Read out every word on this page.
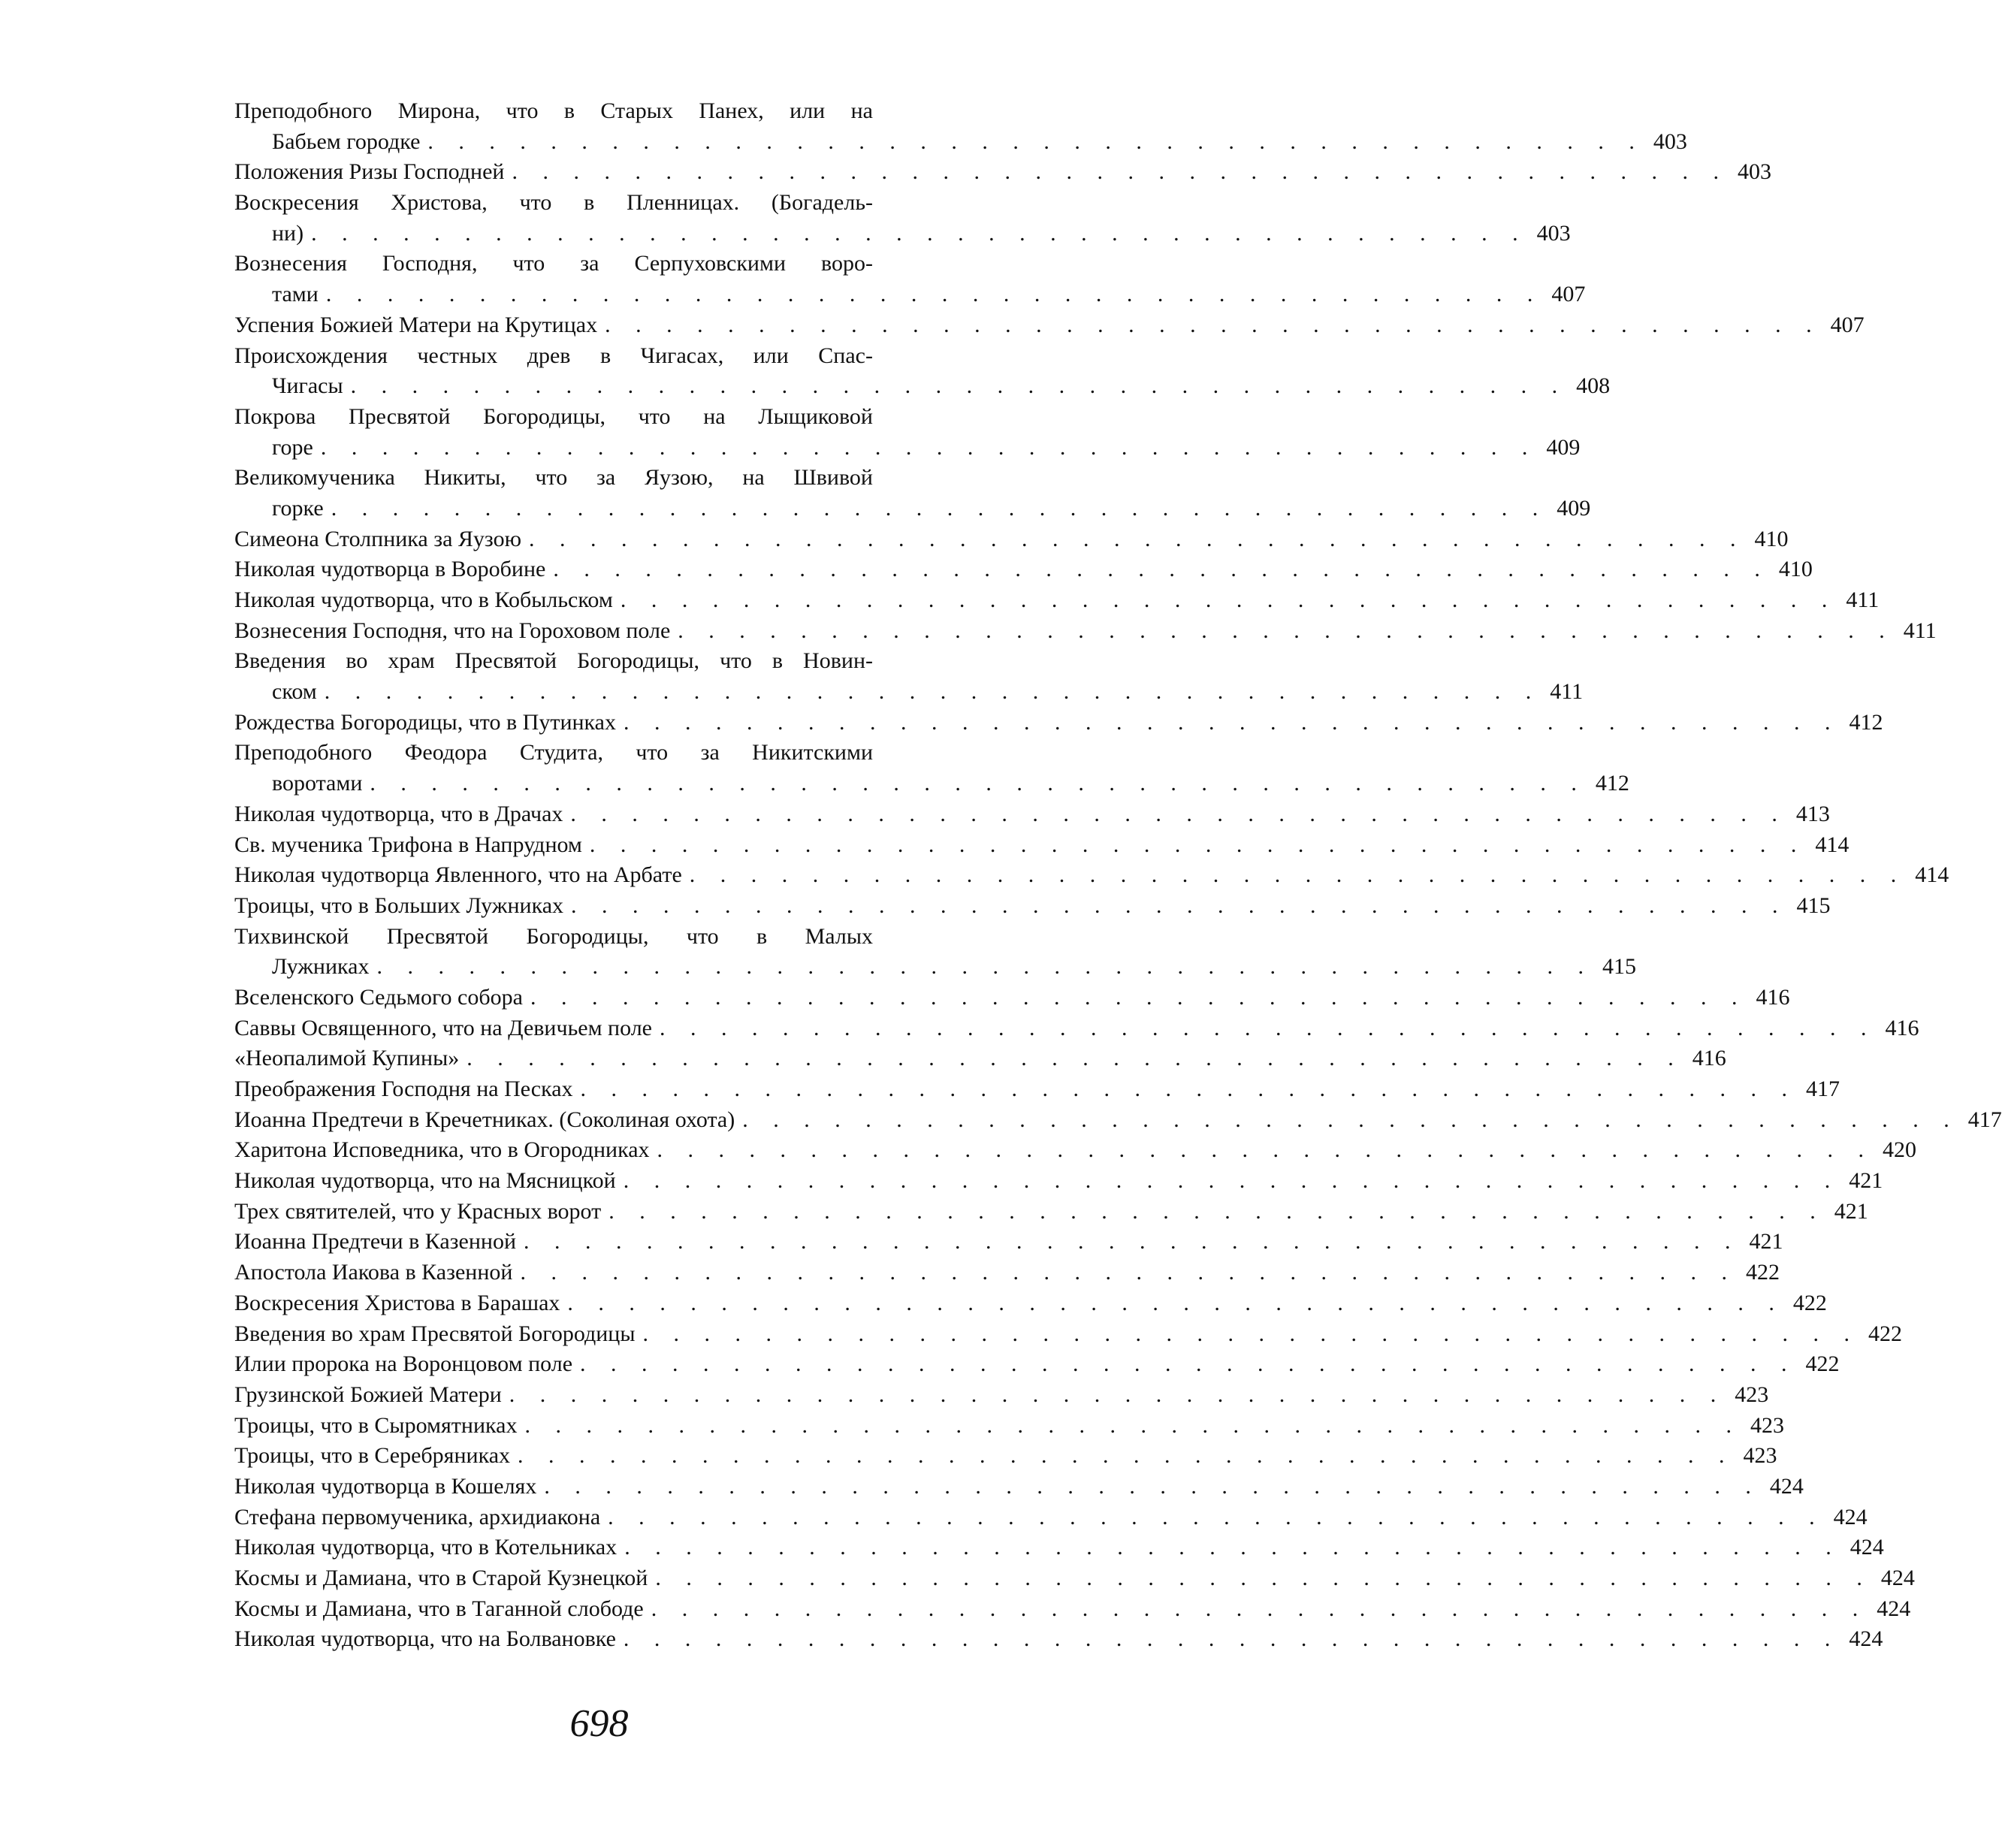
Преподобного Мирона, что в Старых Панех, или на
Бабьем городке . . . . . . . . . . . . . . . . . . . . . . . . . . . . . . . . . . . . . . . . 403
Положения Ризы Господней . . . . . . . . . . . . . . . . . . . . . . . . . . . . . . . . . . . . . . . . 403
Воскресения Христова, что в Пленницах. (Богадель-
ни) . . . . . . . . . . . . . . . . . . . . . . . . . . . . . . . . . . . . . . . . 403
Вознесения Господня, что за Серпуховскими воро-
тами . . . . . . . . . . . . . . . . . . . . . . . . . . . . . . . . . . . . . . . . 407
Успения Божией Матери на Крутицах . . . . . . . . . . . . . . . . . . . . . . . . . . . . . . . . . . . . . . . . 407
Происхождения честных древ в Чигасах, или Спас-
Чигасы . . . . . . . . . . . . . . . . . . . . . . . . . . . . . . . . . . . . . . . . 408
Покрова Пресвятой Богородицы, что на Лыщиковой
горе . . . . . . . . . . . . . . . . . . . . . . . . . . . . . . . . . . . . . . . . 409
Великомученика Никиты, что за Яузою, на Швивой
горке . . . . . . . . . . . . . . . . . . . . . . . . . . . . . . . . . . . . . . . . 409
Симеона Столпника за Яузою . . . . . . . . . . . . . . . . . . . . . . . . . . . . . . . . . . . . . . . . 410
Николая чудотворца в Воробине . . . . . . . . . . . . . . . . . . . . . . . . . . . . . . . . . . . . . . . . 410
Николая чудотворца, что в Кобыльском . . . . . . . . . . . . . . . . . . . . . . . . . . . . . . . . . . . . . . . . 411
Вознесения Господня, что на Гороховом поле . . . . . . . . . . . . . . . . . . . . . . . . . . . . . . . . . . . . . . . . 411
Введения во храм Пресвятой Богородицы, что в Новин-
ском . . . . . . . . . . . . . . . . . . . . . . . . . . . . . . . . . . . . . . . . 411
Рождества Богородицы, что в Путинках . . . . . . . . . . . . . . . . . . . . . . . . . . . . . . . . . . . . . . . . 412
Преподобного Феодора Студита, что за Никитскими
воротами . . . . . . . . . . . . . . . . . . . . . . . . . . . . . . . . . . . . . . . . 412
Николая чудотворца, что в Драчах . . . . . . . . . . . . . . . . . . . . . . . . . . . . . . . . . . . . . . . . 413
Св. мученика Трифона в Напрудном . . . . . . . . . . . . . . . . . . . . . . . . . . . . . . . . . . . . . . . . 414
Николая чудотворца Явленного, что на Арбате . . . . . . . . . . . . . . . . . . . . . . . . . . . . . . . . . . . . . . . . 414
Троицы, что в Больших Лужниках . . . . . . . . . . . . . . . . . . . . . . . . . . . . . . . . . . . . . . . . 415
Тихвинской Пресвятой Богородицы, что в Малых
Лужниках . . . . . . . . . . . . . . . . . . . . . . . . . . . . . . . . . . . . . . . . 415
Вселенского Седьмого собора . . . . . . . . . . . . . . . . . . . . . . . . . . . . . . . . . . . . . . . . 416
Саввы Освященного, что на Девичьем поле . . . . . . . . . . . . . . . . . . . . . . . . . . . . . . . . . . . . . . . . 416
«Неопалимой Купины» . . . . . . . . . . . . . . . . . . . . . . . . . . . . . . . . . . . . . . . . 416
Преображения Господня на Песках . . . . . . . . . . . . . . . . . . . . . . . . . . . . . . . . . . . . . . . . 417
Иоанна Предтечи в Кречетниках. (Соколиная охота) . . . . . . . . . . . . . . . . . . . . . . . . . . . . . . . . . . . . . . . . 417
Харитона Исповедника, что в Огородниках . . . . . . . . . . . . . . . . . . . . . . . . . . . . . . . . . . . . . . . . 420
Николая чудотворца, что на Мясницкой . . . . . . . . . . . . . . . . . . . . . . . . . . . . . . . . . . . . . . . . 421
Трех святителей, что у Красных ворот . . . . . . . . . . . . . . . . . . . . . . . . . . . . . . . . . . . . . . . . 421
Иоанна Предтечи в Казенной . . . . . . . . . . . . . . . . . . . . . . . . . . . . . . . . . . . . . . . . 421
Апостола Иакова в Казенной . . . . . . . . . . . . . . . . . . . . . . . . . . . . . . . . . . . . . . . . 422
Воскресения Христова в Барашах . . . . . . . . . . . . . . . . . . . . . . . . . . . . . . . . . . . . . . . . 422
Введения во храм Пресвятой Богородицы . . . . . . . . . . . . . . . . . . . . . . . . . . . . . . . . . . . . . . . . 422
Илии пророка на Воронцовом поле . . . . . . . . . . . . . . . . . . . . . . . . . . . . . . . . . . . . . . . . 422
Грузинской Божией Матери . . . . . . . . . . . . . . . . . . . . . . . . . . . . . . . . . . . . . . . . 423
Троицы, что в Сыромятниках . . . . . . . . . . . . . . . . . . . . . . . . . . . . . . . . . . . . . . . . 423
Троицы, что в Серебряниках . . . . . . . . . . . . . . . . . . . . . . . . . . . . . . . . . . . . . . . . 423
Николая чудотворца в Кошелях . . . . . . . . . . . . . . . . . . . . . . . . . . . . . . . . . . . . . . . . 424
Стефана первомученика, архидиакона . . . . . . . . . . . . . . . . . . . . . . . . . . . . . . . . . . . . . . . . 424
Николая чудотворца, что в Котельниках . . . . . . . . . . . . . . . . . . . . . . . . . . . . . . . . . . . . . . . . 424
Космы и Дамиана, что в Старой Кузнецкой . . . . . . . . . . . . . . . . . . . . . . . . . . . . . . . . . . . . . . . . 424
Космы и Дамиана, что в Таганной слободе . . . . . . . . . . . . . . . . . . . . . . . . . . . . . . . . . . . . . . . . 424
Николая чудотворца, что на Болвановке . . . . . . . . . . . . . . . . . . . . . . . . . . . . . . . . . . . . . . . . 424
698
